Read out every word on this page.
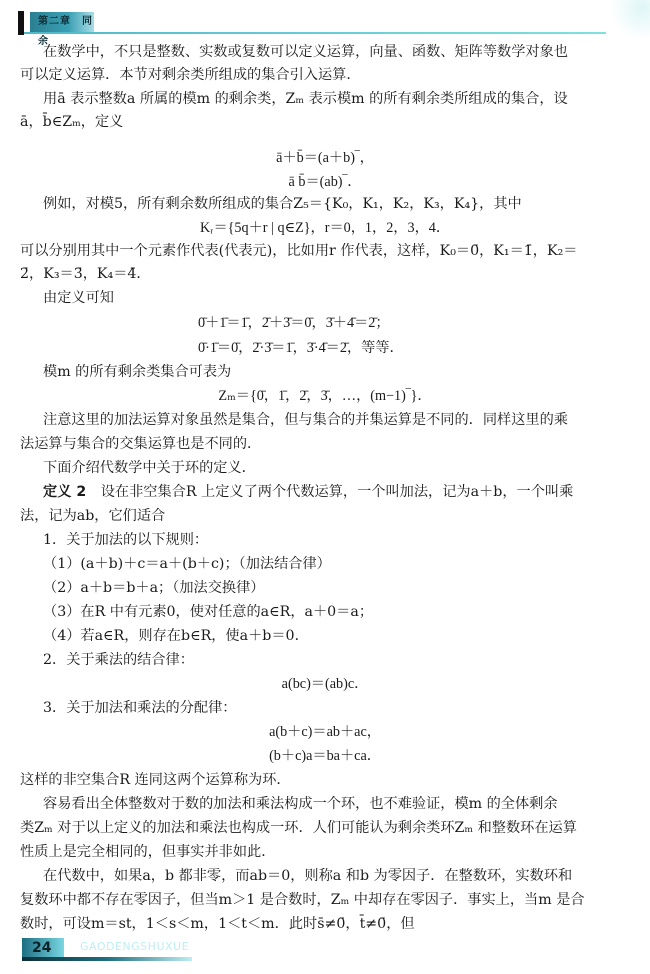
第二章　同余
在数学中，不只是整数、实数或复数可以定义运算，向量、函数、矩阵等数学对象也
可以定义运算．本节对剩余类所组成的集合引入运算．
用ā 表示整数a 所属的模m 的剩余类，Zₘ 表示模m 的所有剩余类所组成的集合，设
ā，b̄∈Zₘ，定义
ā＋b̄＝(a＋b)‾，
ā b̄＝(ab)‾．
例如，对模5，所有剩余数所组成的集合Z₅＝{K₀，K₁，K₂，K₃，K₄}，其中
Kᵣ＝{5q＋r | q∈Z}，r＝0，1，2，3，4．
可以分别用其中一个元素作代表(代表元)，比如用r 作代表，这样，K₀＝0̄，K₁＝1̄，K₂＝
2̄，K₃＝3̄，K₄＝4̄．
由定义可知
0̄＋1̄＝1̄，2̄＋3̄＝0̄，3̄＋4̄＝2̄；
0̄·1̄＝0̄，2̄·3̄＝1̄，3̄·4̄＝2̄，等等．
模m 的所有剩余类集合可表为
Zₘ＝{0̄，1̄，2̄，3̄，…，(m−1)‾}．
注意这里的加法运算对象虽然是集合，但与集合的并集运算是不同的．同样这里的乘
法运算与集合的交集运算也是不同的．
下面介绍代数学中关于环的定义．
定义 2 设在非空集合R 上定义了两个代数运算，一个叫加法，记为a＋b，一个叫乘
法，记为ab，它们适合
1．关于加法的以下规则：
（1）(a＋b)＋c＝a＋(b＋c)；（加法结合律）
（2）a＋b＝b＋a；（加法交换律）
（3）在R 中有元素0，使对任意的a∈R，a＋0＝a；
（4）若a∈R，则存在b∈R，使a＋b＝0．
2．关于乘法的结合律：
a(bc)＝(ab)c．
3．关于加法和乘法的分配律：
a(b＋c)＝ab＋ac，
(b＋c)a＝ba＋ca．
这样的非空集合R 连同这两个运算称为环．
容易看出全体整数对于数的加法和乘法构成一个环，也不难验证，模m 的全体剩余
类Zₘ 对于以上定义的加法和乘法也构成一环．人们可能认为剩余类环Zₘ 和整数环在运算
性质上是完全相同的，但事实并非如此．
在代数中，如果a，b 都非零，而ab＝0，则称a 和b 为零因子．在整数环，实数环和
复数环中都不存在零因子，但当m＞1 是合数时，Zₘ 中却存在零因子．事实上，当m 是合
数时，可设m＝st，1＜s＜m，1＜t＜m．此时s̄≠0̄，t̄≠0̄，但
24	GAODENGSHUXUE
